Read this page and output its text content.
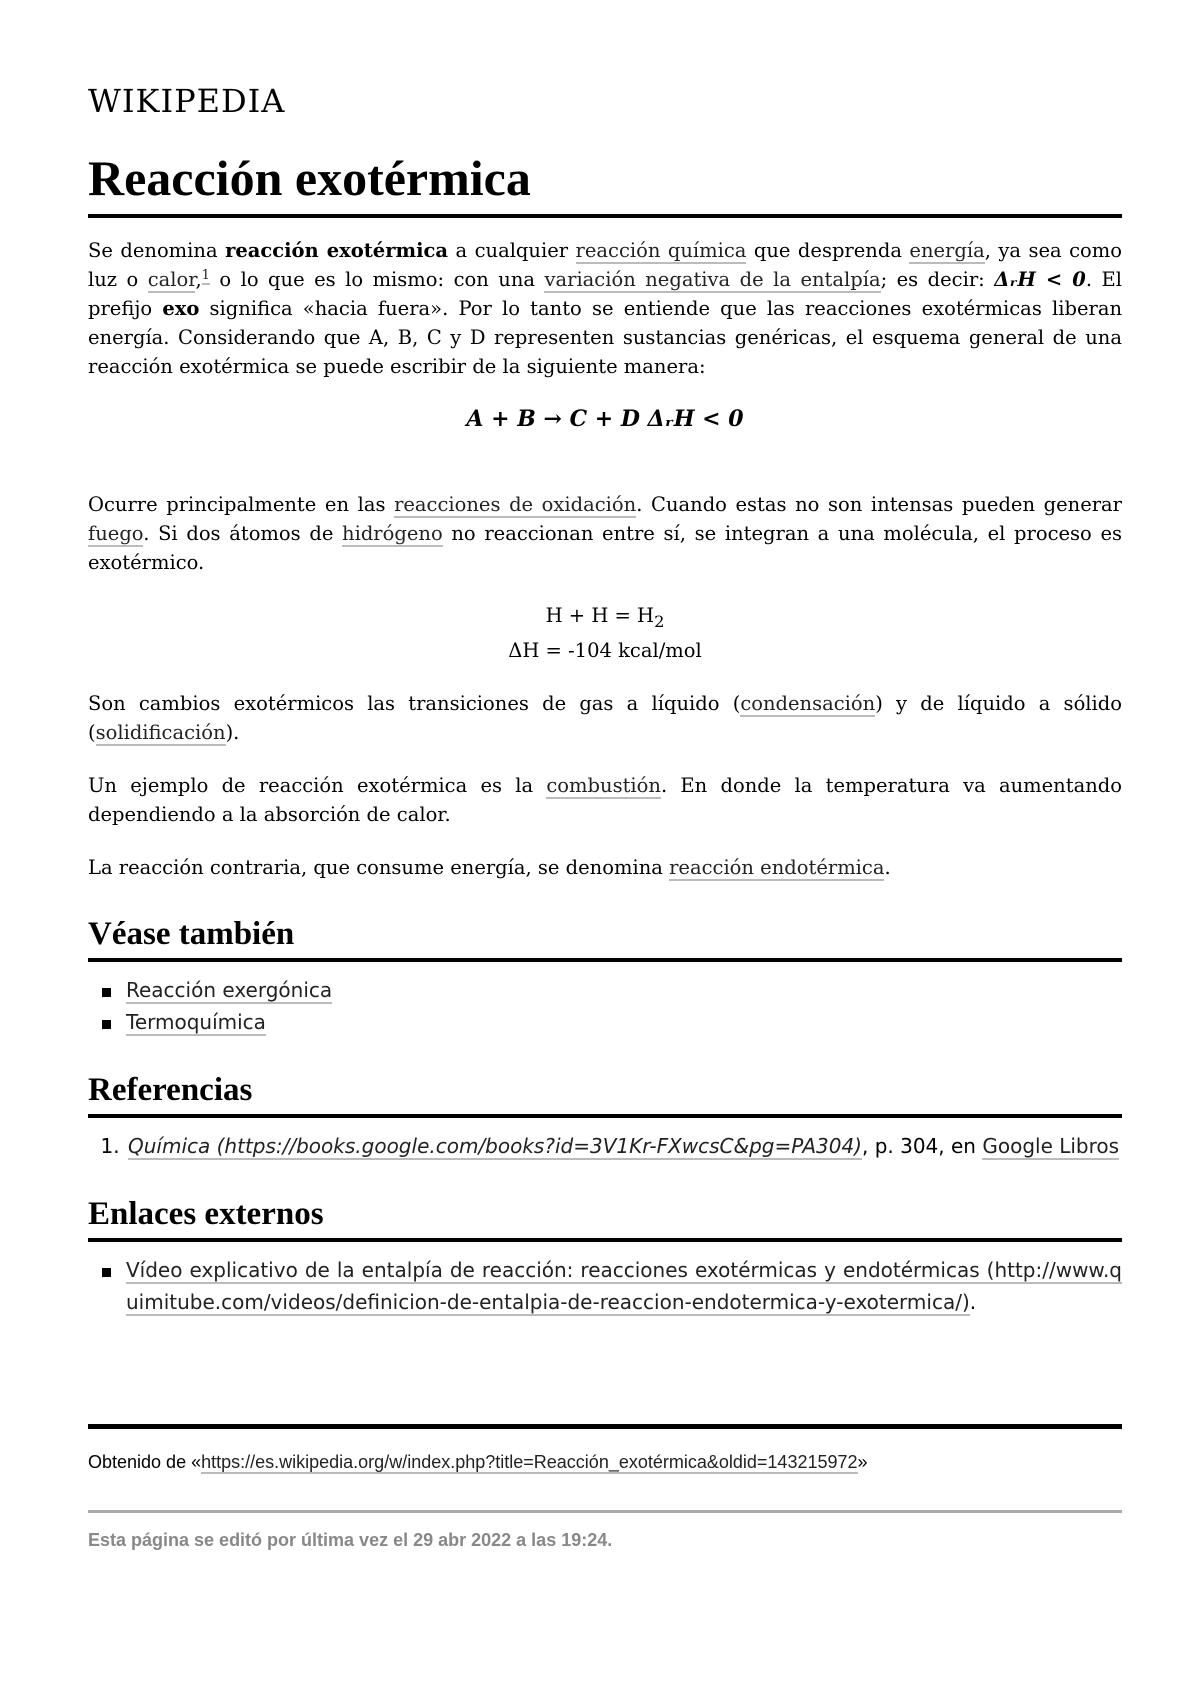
WIKIPEDIA
Reacción exotérmica

Se denomina reacción exotérmica a cualquier reacción química que desprenda energía, ya sea como luz o calor,$^1$ o lo que es lo mismo: con una variación negativa de la entalpía; es decir: ΔᵣH < 0. El prefijo exo significa «hacia fuera». Por lo tanto se entiende que las reacciones exotérmicas liberan energía. Considerando que A, B, C y D representen sustancias genéricas, el esquema general de una reacción exotérmica se puede escribir de la siguiente manera:

A + B → C + D ΔᵣH < 0

Ocurre principalmente en las reacciones de oxidación. Cuando estas no son intensas pueden generar fuego. Si dos átomos de hidrógeno no reaccionan entre sí, se integran a una molécula, el proceso es exotérmico.

$H + H = H_2$
ΔH = -104 kcal/mol

Son cambios exotérmicos las transiciones de gas a líquido (condensación) y de líquido a sólido (solidificación).

Un ejemplo de reacción exotérmica es la combustión. En donde la temperatura va aumentando dependiendo a la absorción de calor.

La reacción contraria, que consume energía, se denomina reacción endotérmica.

Véase también
Reacción exergónica
Termoquímica
Referencias
1. Química (https://books.google.com/books?id=3V1Kr-FXwcsC&pg=PA304), p. 304, en Google Libros
Enlaces externos
Vídeo explicativo de la entalpía de reacción: reacciones exotérmicas y endotérmicas (http://www.quimitube.com/videos/definicion-de-entalpia-de-reaccion-endotermica-y-exotermica/).
Obtenido de «https://es.wikipedia.org/w/index.php?title=Reacción_exotérmica&oldid=143215972»
Esta página se editó por última vez el 29 abr 2022 a las 19:24.
